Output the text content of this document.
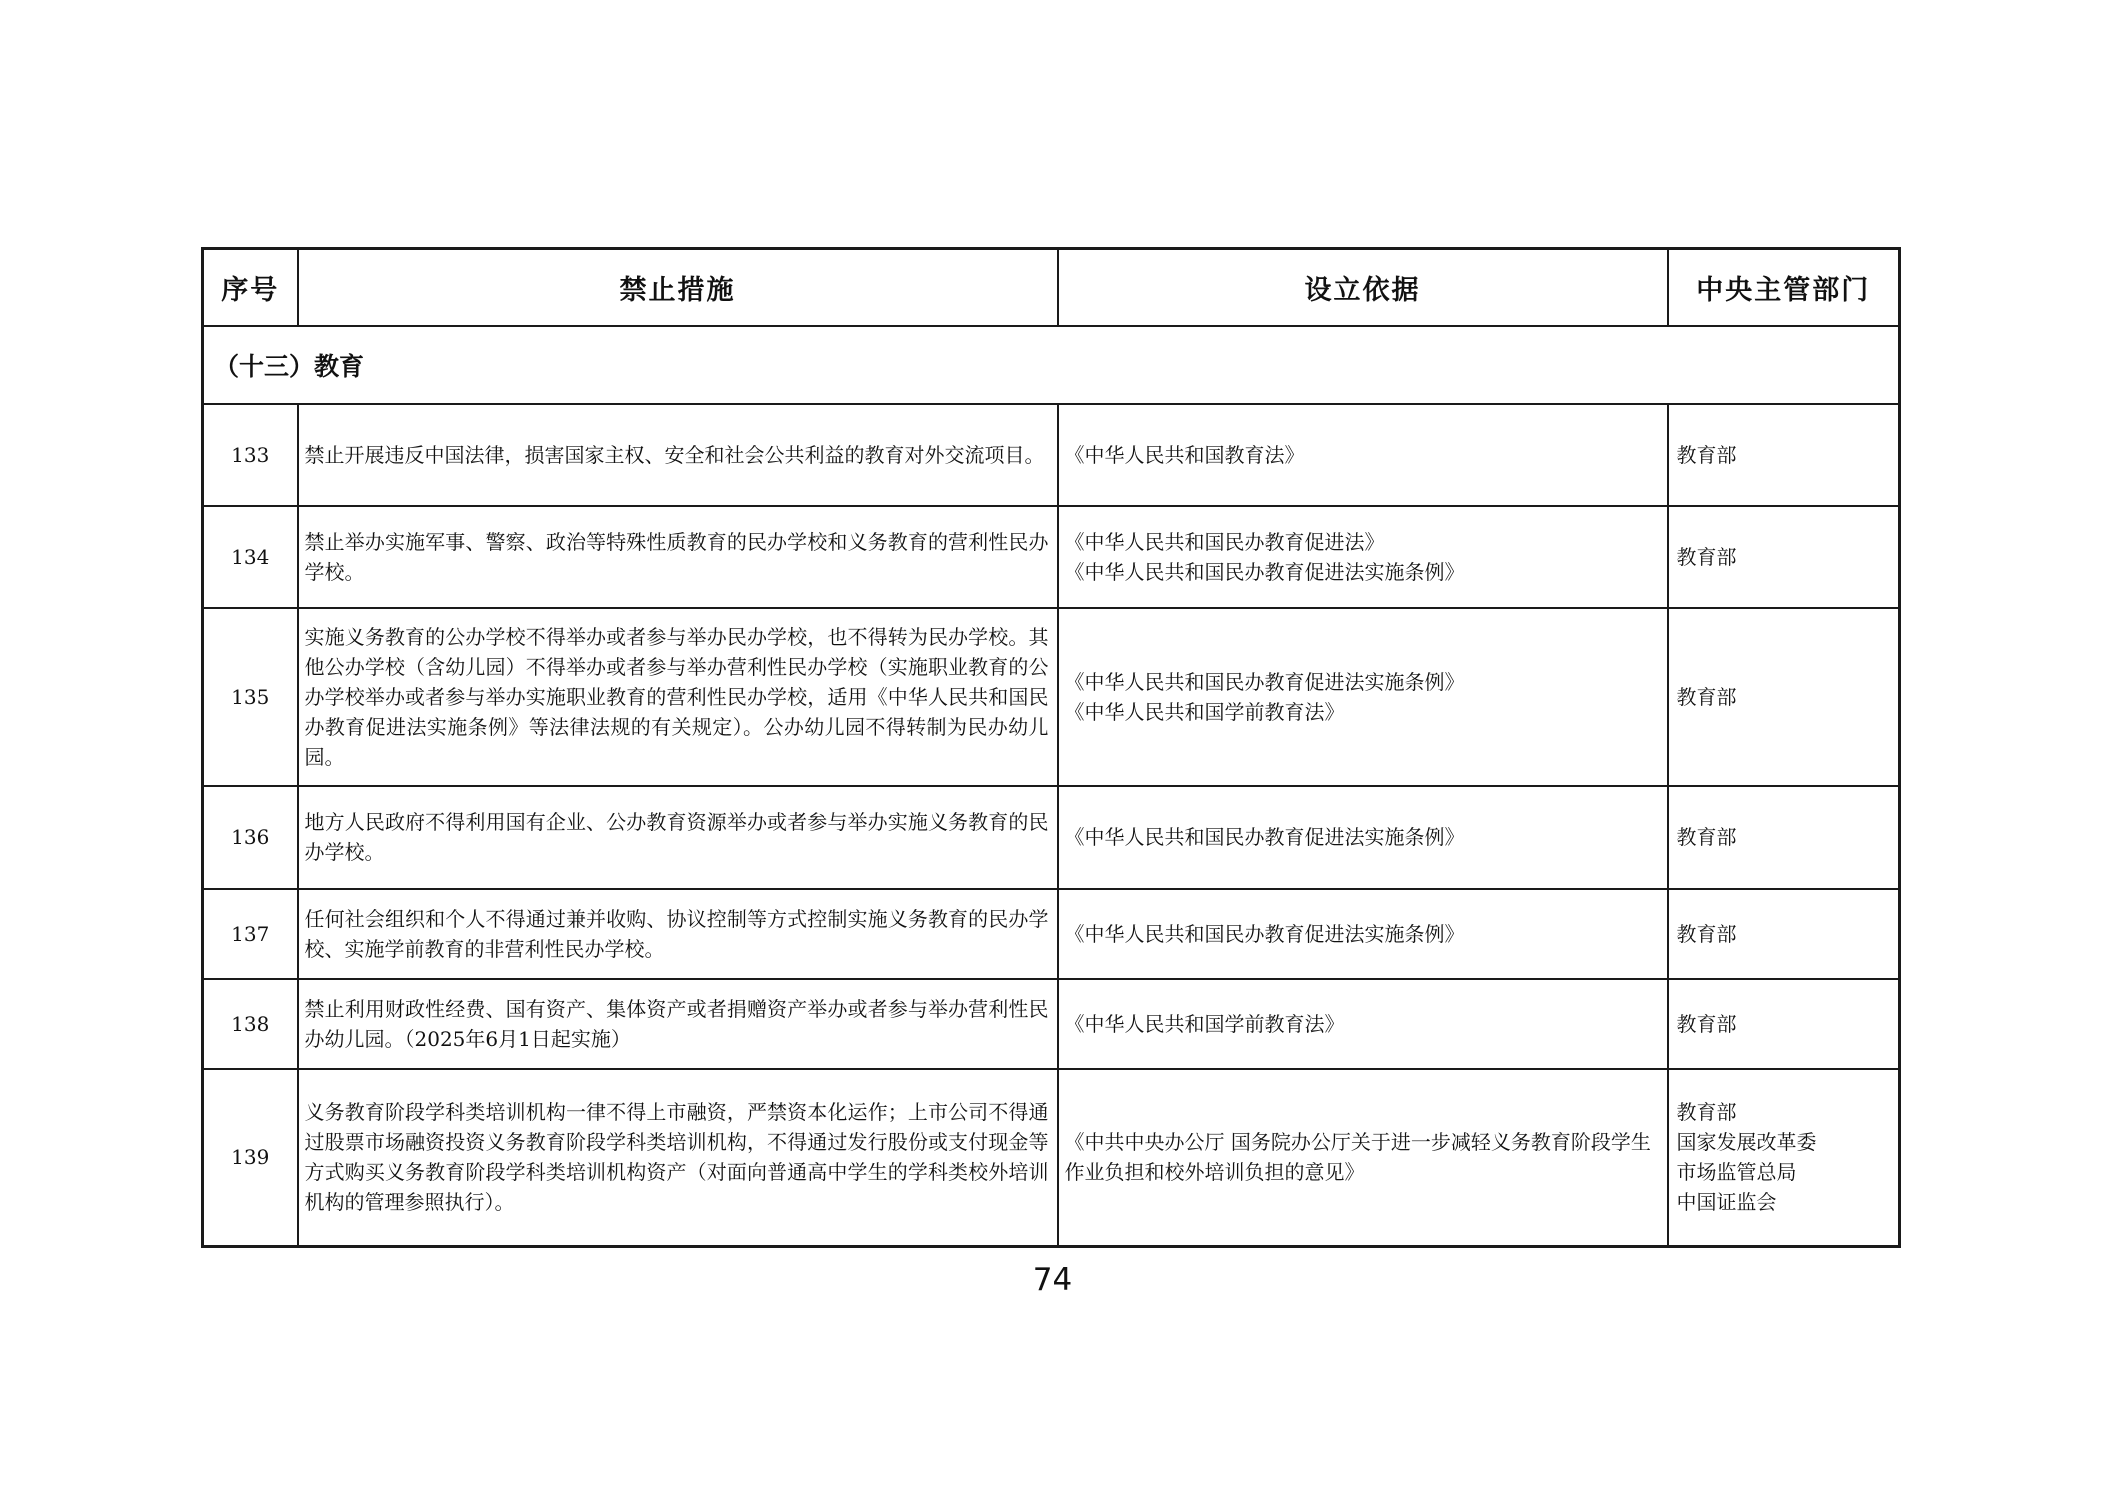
序号	禁止措施	设立依据	中央主管部门
（十三）教育			
133	禁止开展违反中国法律，损害国家主权、安全和社会公共利益的教育对外交流项目。	《中华人民共和国教育法》	教育部

134	禁止举办实施军事、警察、政治等特殊性质教育的民办学校和义务教育的营利性民办学校。	《中华人民共和国民办教育促进法》
《中华人民共和国民办教育促进法实施条例》	教育部

135	实施义务教育的公办学校不得举办或者参与举办民办学校，也不得转为民办学校。其他公办学校（含幼儿园）不得举办或者参与举办营利性民办学校（实施职业教育的公办学校举办或者参与举办实施职业教育的营利性民办学校，适用《中华人民共和国民办教育促进法实施条例》等法律法规的有关规定）。公办幼儿园不得转制为民办幼儿园。	《中华人民共和国民办教育促进法实施条例》
《中华人民共和国学前教育法》	教育部

136	地方人民政府不得利用国有企业、公办教育资源举办或者参与举办实施义务教育的民办学校。	《中华人民共和国民办教育促进法实施条例》	教育部

137	任何社会组织和个人不得通过兼并收购、协议控制等方式控制实施义务教育的民办学校、实施学前教育的非营利性民办学校。	《中华人民共和国民办教育促进法实施条例》	教育部

138	禁止利用财政性经费、国有资产、集体资产或者捐赠资产举办或者参与举办营利性民办幼儿园。（2025年6月1日起实施）	《中华人民共和国学前教育法》	教育部

139	义务教育阶段学科类培训机构一律不得上市融资，严禁资本化运作；上市公司不得通过股票市场融资投资义务教育阶段学科类培训机构，不得通过发行股份或支付现金等方式购买义务教育阶段学科类培训机构资产（对面向普通高中学生的学科类校外培训机构的管理参照执行）。	《中共中央办公厅 国务院办公厅关于进一步减轻义务教育阶段学生作业负担和校外培训负担的意见》	教育部
国家发展改革委
市场监管总局
中国证监会
74
